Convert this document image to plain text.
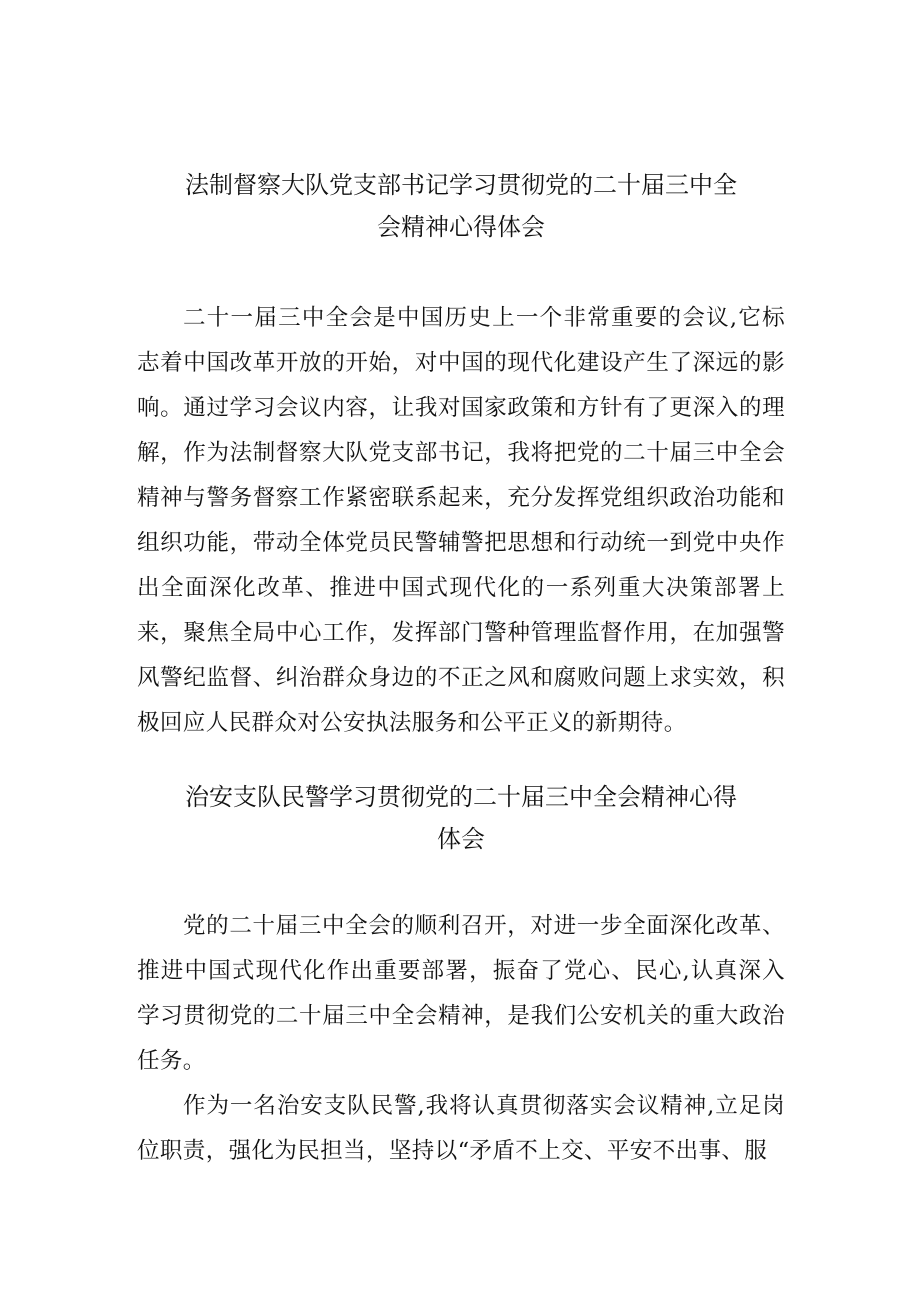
法制督察大队党支部书记学习贯彻党的二十届三中全
会精神心得体会

二十一届三中全会是中国历史上一个非常重要的会议,它标志着中国改革开放的开始，对中国的现代化建设产生了深远的影响。通过学习会议内容，让我对国家政策和方针有了更深入的理解，作为法制督察大队党支部书记，我将把党的二十届三中全会精神与警务督察工作紧密联系起来，充分发挥党组织政治功能和组织功能，带动全体党员民警辅警把思想和行动统一到党中央作出全面深化改革、推进中国式现代化的一系列重大决策部署上来，聚焦全局中心工作，发挥部门警种管理监督作用，在加强警风警纪监督、纠治群众身边的不正之风和腐败问题上求实效，积极回应人民群众对公安执法服务和公平正义的新期待。

治安支队民警学习贯彻党的二十届三中全会精神心得
体会

党的二十届三中全会的顺利召开，对进一步全面深化改革、推进中国式现代化作出重要部署，振奋了党心、民心,认真深入学习贯彻党的二十届三中全会精神，是我们公安机关的重大政治任务。

作为一名治安支队民警,我将认真贯彻落实会议精神,立足岗位职责，强化为民担当，坚持以“矛盾不上交、平安不出事、服
